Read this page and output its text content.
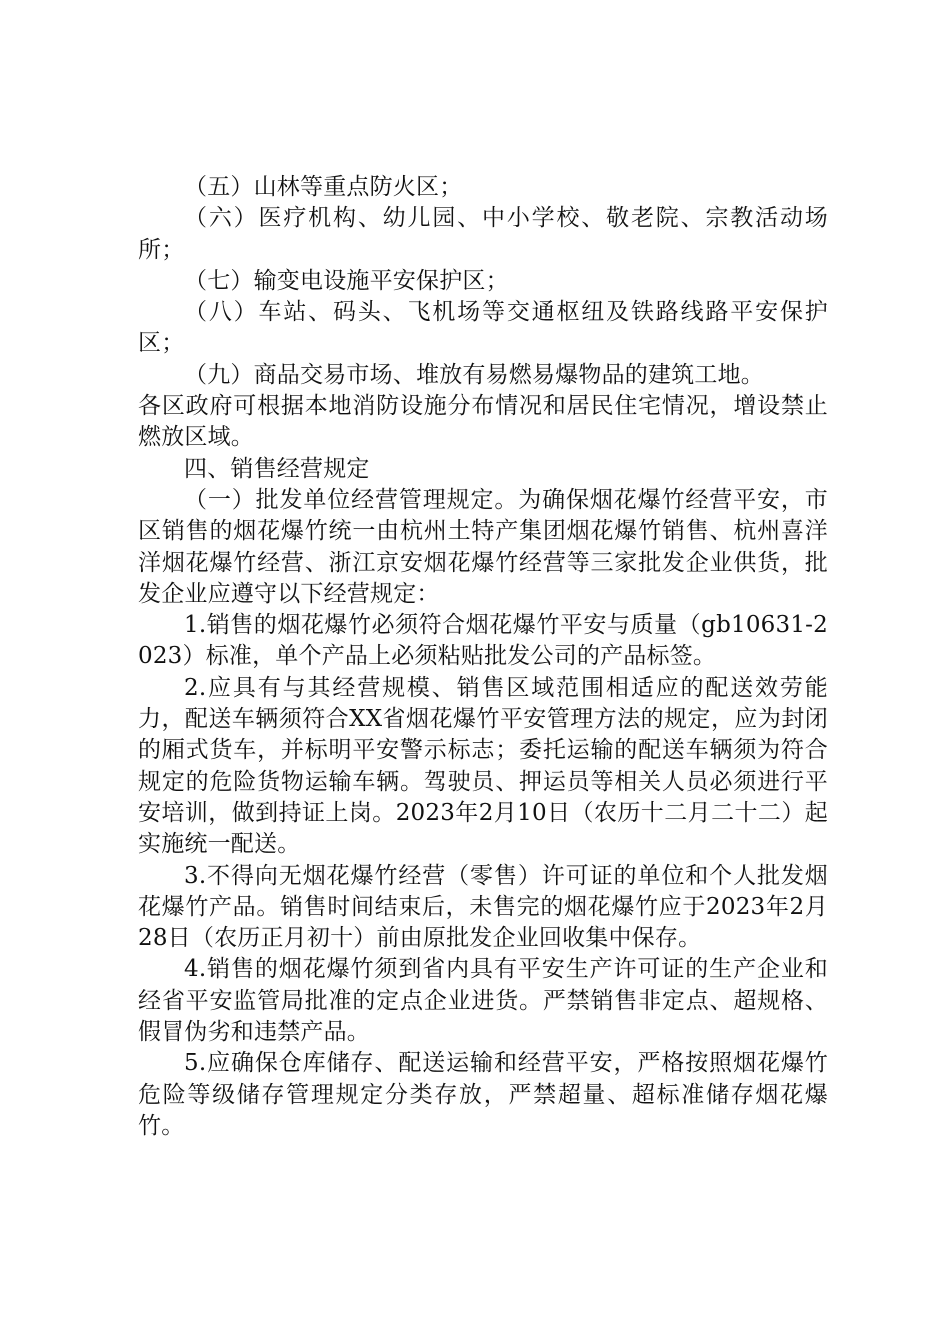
（五）山林等重点防火区；

（六）医疗机构、幼儿园、中小学校、敬老院、宗教活动场所；

（七）输变电设施平安保护区；

（八）车站、码头、飞机场等交通枢纽及铁路线路平安保护区；

（九）商品交易市场、堆放有易燃易爆物品的建筑工地。

各区政府可根据本地消防设施分布情况和居民住宅情况，增设禁止燃放区域。

四、销售经营规定

（一）批发单位经营管理规定。为确保烟花爆竹经营平安，市区销售的烟花爆竹统一由杭州土特产集团烟花爆竹销售、杭州喜洋洋烟花爆竹经营、浙江京安烟花爆竹经营等三家批发企业供货，批发企业应遵守以下经营规定：

1.销售的烟花爆竹必须符合烟花爆竹平安与质量（gb10631-2023）标准，单个产品上必须粘贴批发公司的产品标签。

2.应具有与其经营规模、销售区域范围相适应的配送效劳能力，配送车辆须符合XX省烟花爆竹平安管理方法的规定，应为封闭的厢式货车，并标明平安警示标志；委托运输的配送车辆须为符合规定的危险货物运输车辆。驾驶员、押运员等相关人员必须进行平安培训，做到持证上岗。2023年2月10日（农历十二月二十二）起实施统一配送。

3.不得向无烟花爆竹经营（零售）许可证的单位和个人批发烟花爆竹产品。销售时间结束后，未售完的烟花爆竹应于2023年2月28日（农历正月初十）前由原批发企业回收集中保存。

4.销售的烟花爆竹须到省内具有平安生产许可证的生产企业和经省平安监管局批准的定点企业进货。严禁销售非定点、超规格、假冒伪劣和违禁产品。

5.应确保仓库储存、配送运输和经营平安，严格按照烟花爆竹危险等级储存管理规定分类存放，严禁超量、超标准储存烟花爆竹。
